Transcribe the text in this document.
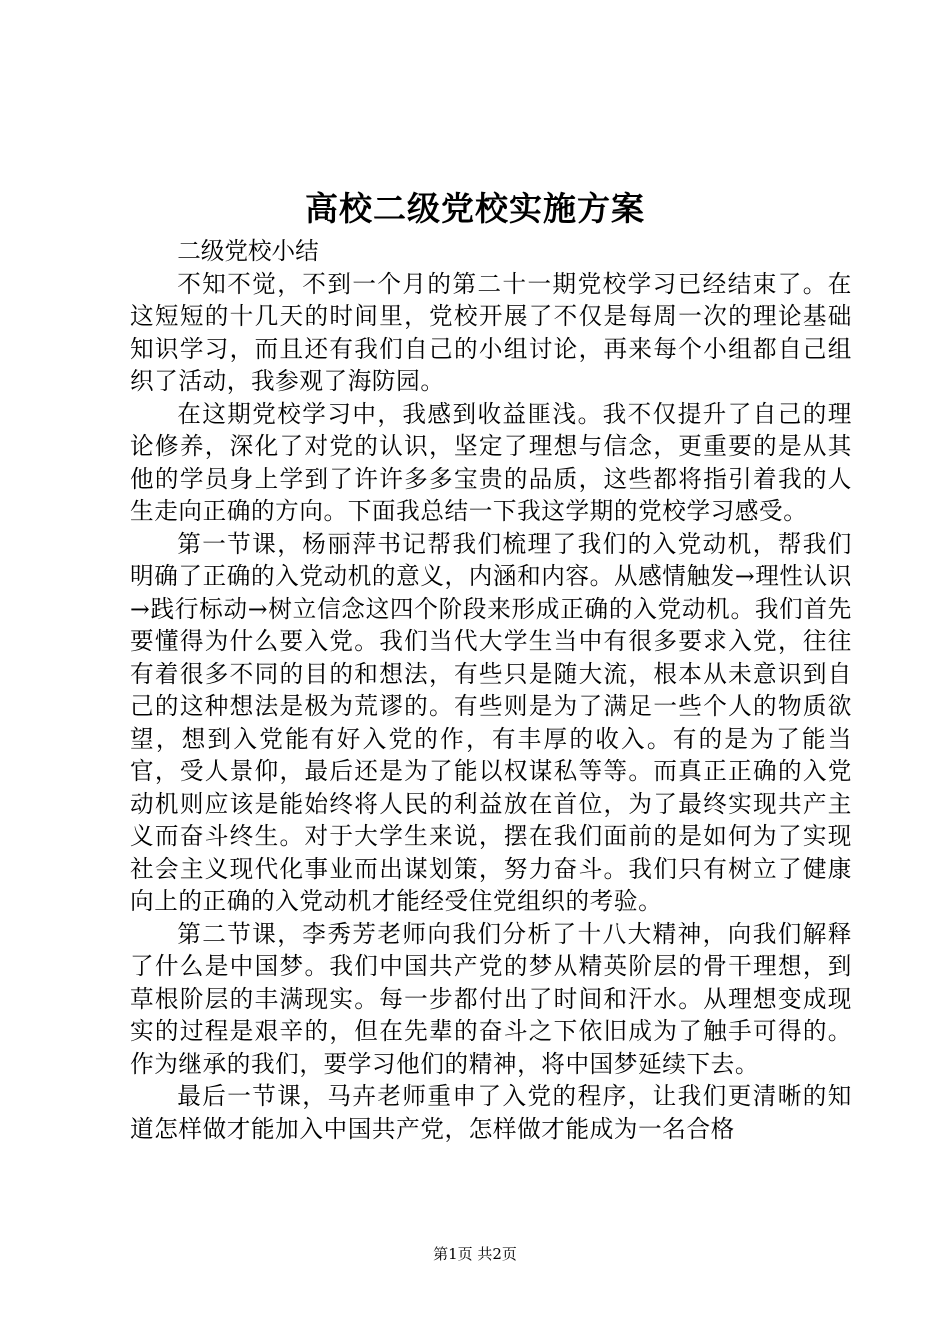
高校二级党校实施方案

二级党校小结

不知不觉，不到一个月的第二十一期党校学习已经结束了。在这短短的十几天的时间里，党校开展了不仅是每周一次的理论基础知识学习，而且还有我们自己的小组讨论，再来每个小组都自己组织了活动，我参观了海防园。

在这期党校学习中，我感到收益匪浅。我不仅提升了自己的理论修养，深化了对党的认识，坚定了理想与信念，更重要的是从其他的学员身上学到了许许多多宝贵的品质，这些都将指引着我的人生走向正确的方向。下面我总结一下我这学期的党校学习感受。

第一节课，杨丽萍书记帮我们梳理了我们的入党动机，帮我们明确了正确的入党动机的意义，内涵和内容。从感情触发→理性认识→践行标动→树立信念这四个阶段来形成正确的入党动机。我们首先要懂得为什么要入党。我们当代大学生当中有很多要求入党，往往有着很多不同的目的和想法，有些只是随大流，根本从未意识到自己的这种想法是极为荒谬的。有些则是为了满足一些个人的物质欲望，想到入党能有好入党的作，有丰厚的收入。有的是为了能当官，受人景仰，最后还是为了能以权谋私等等。而真正正确的入党动机则应该是能始终将人民的利益放在首位，为了最终实现共产主义而奋斗终生。对于大学生来说，摆在我们面前的是如何为了实现社会主义现代化事业而出谋划策，努力奋斗。我们只有树立了健康向上的正确的入党动机才能经受住党组织的考验。

第二节课，李秀芳老师向我们分析了十八大精神，向我们解释了什么是中国梦。我们中国共产党的梦从精英阶层的骨干理想，到草根阶层的丰满现实。每一步都付出了时间和汗水。从理想变成现实的过程是艰辛的，但在先辈的奋斗之下依旧成为了触手可得的。作为继承的我们，要学习他们的精神，将中国梦延续下去。

最后一节课，马卉老师重申了入党的程序，让我们更清晰的知道怎样做才能加入中国共产党，怎样做才能成为一名合格

第1页 共2页
